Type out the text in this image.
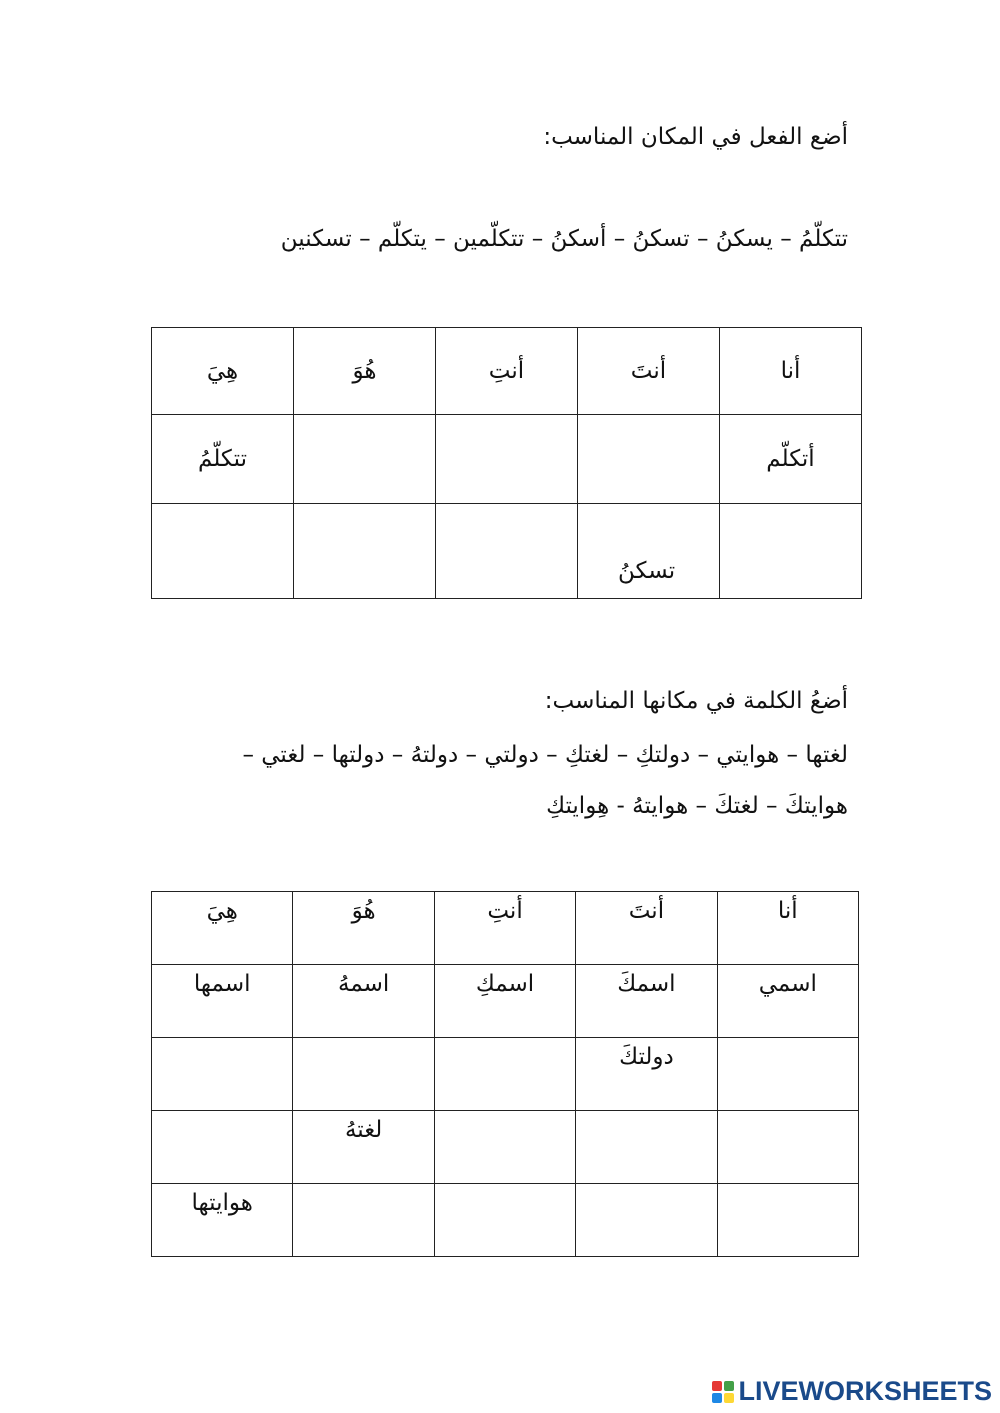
أضع الفعل في المكان المناسب:
تتكلّمُ – يسكنُ – تسكنُ – أسكنُ – تتكلّمين – يتكلّم – تسكنين
أنا	أنتَ	أنتِ	هُوَ	هِيَ
أتكلّم				تتكلّمُ
	تسكنُ			
أضعُ الكلمة في مكانها المناسب:
لغتها – هوايتي – دولتكِ – لغتكِ – دولتي – دولتهُ – دولتها – لغتي –
هوايتكَ – لغتكَ – هوايتهُ - هِوايتكِ
أنا	أنتَ	أنتِ	هُوَ	هِيَ
اسمي	اسمكَ	اسمكِ	اسمهُ	اسمها
	دولتكَ			
			لغتهُ	
				هوايتها
LIVEWORKSHEETS
